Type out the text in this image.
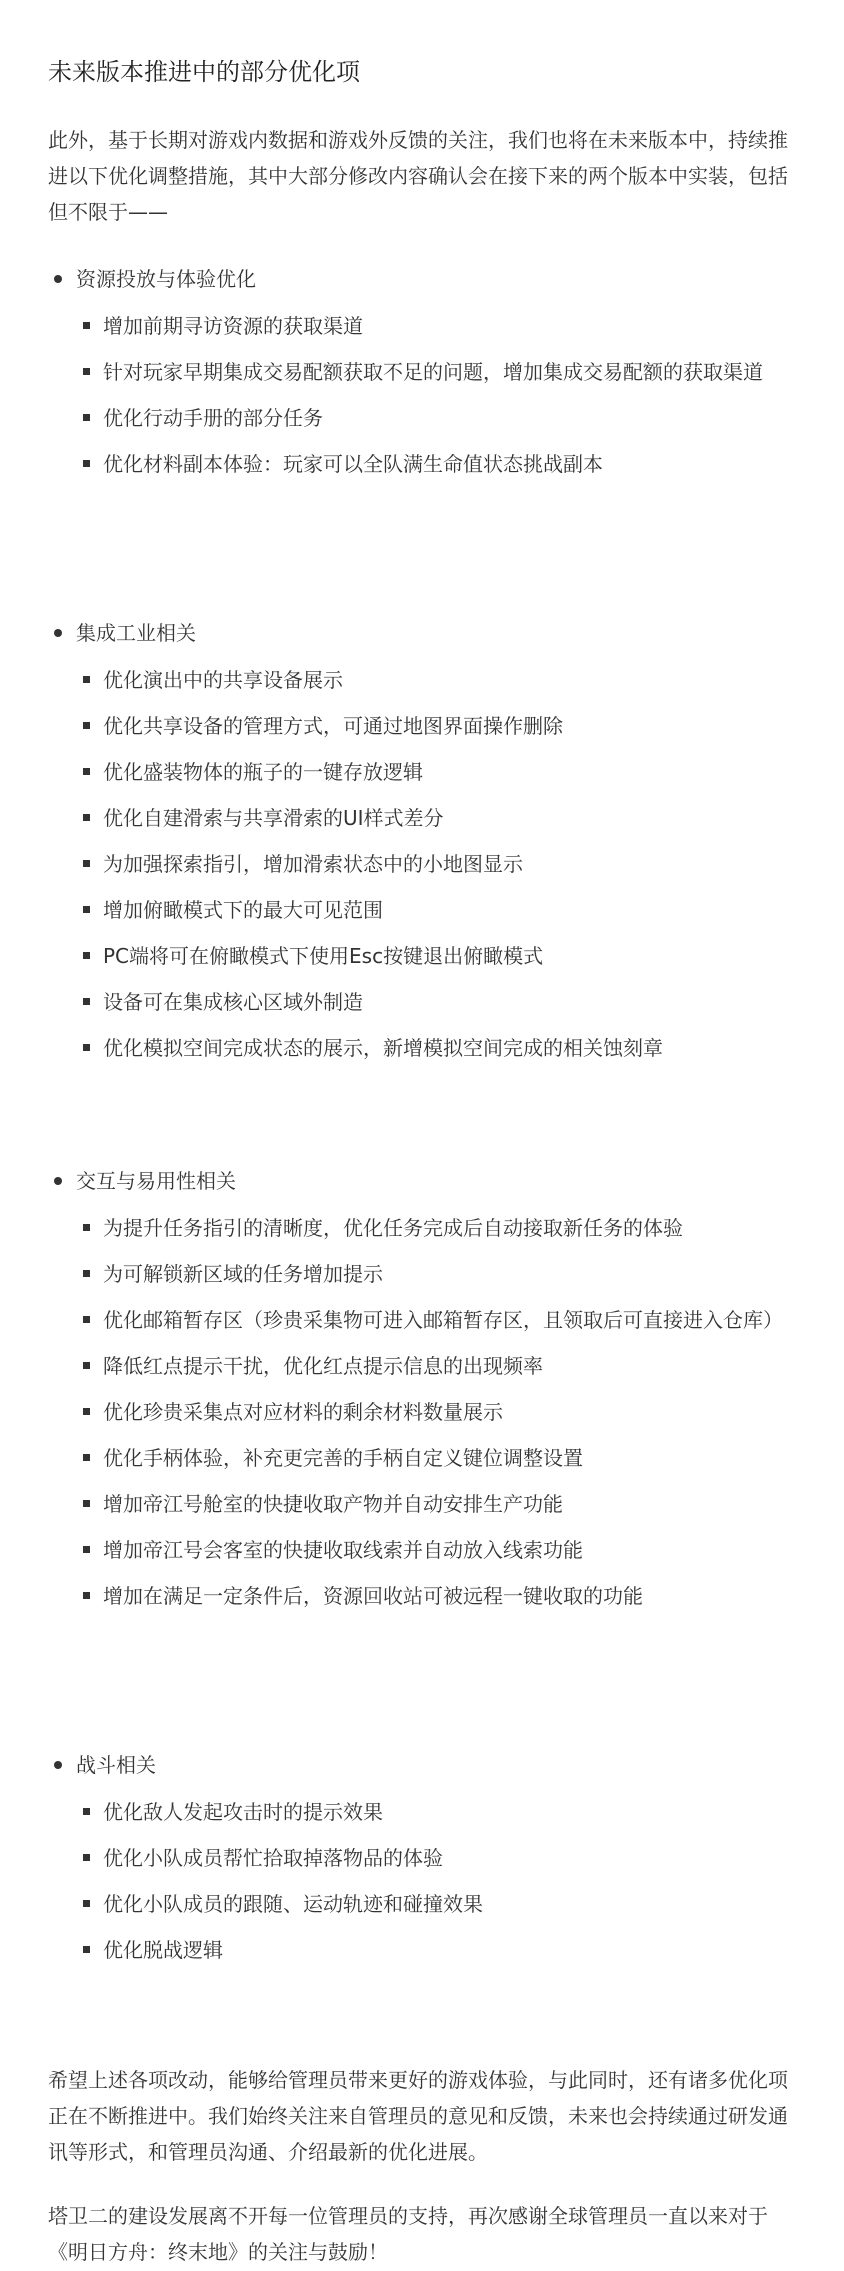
未来版本推进中的部分优化项

此外，基于长期对游戏内数据和游戏外反馈的关注，我们也将在未来版本中，持续推进以下优化调整措施，其中大部分修改内容确认会在接下来的两个版本中实装，包括但不限于——

资源投放与体验优化
增加前期寻访资源的获取渠道
针对玩家早期集成交易配额获取不足的问题，增加集成交易配额的获取渠道
优化行动手册的部分任务
优化材料副本体验：玩家可以全队满生命值状态挑战副本
集成工业相关
优化演出中的共享设备展示
优化共享设备的管理方式，可通过地图界面操作删除
优化盛装物体的瓶子的一键存放逻辑
优化自建滑索与共享滑索的UI样式差分
为加强探索指引，增加滑索状态中的小地图显示
增加俯瞰模式下的最大可见范围
PC端将可在俯瞰模式下使用Esc按键退出俯瞰模式
设备可在集成核心区域外制造
优化模拟空间完成状态的展示，新增模拟空间完成的相关蚀刻章
交互与易用性相关
为提升任务指引的清晰度，优化任务完成后自动接取新任务的体验
为可解锁新区域的任务增加提示
优化邮箱暂存区（珍贵采集物可进入邮箱暂存区，且领取后可直接进入仓库）
降低红点提示干扰，优化红点提示信息的出现频率
优化珍贵采集点对应材料的剩余材料数量展示
优化手柄体验，补充更完善的手柄自定义键位调整设置
增加帝江号舱室的快捷收取产物并自动安排生产功能
增加帝江号会客室的快捷收取线索并自动放入线索功能
增加在满足一定条件后，资源回收站可被远程一键收取的功能
战斗相关
优化敌人发起攻击时的提示效果
优化小队成员帮忙拾取掉落物品的体验
优化小队成员的跟随、运动轨迹和碰撞效果
优化脱战逻辑

希望上述各项改动，能够给管理员带来更好的游戏体验，与此同时，还有诸多优化项正在不断推进中。我们始终关注来自管理员的意见和反馈，未来也会持续通过研发通讯等形式，和管理员沟通、介绍最新的优化进展。

塔卫二的建设发展离不开每一位管理员的支持，再次感谢全球管理员一直以来对于《明日方舟：终末地》的关注与鼓励！
